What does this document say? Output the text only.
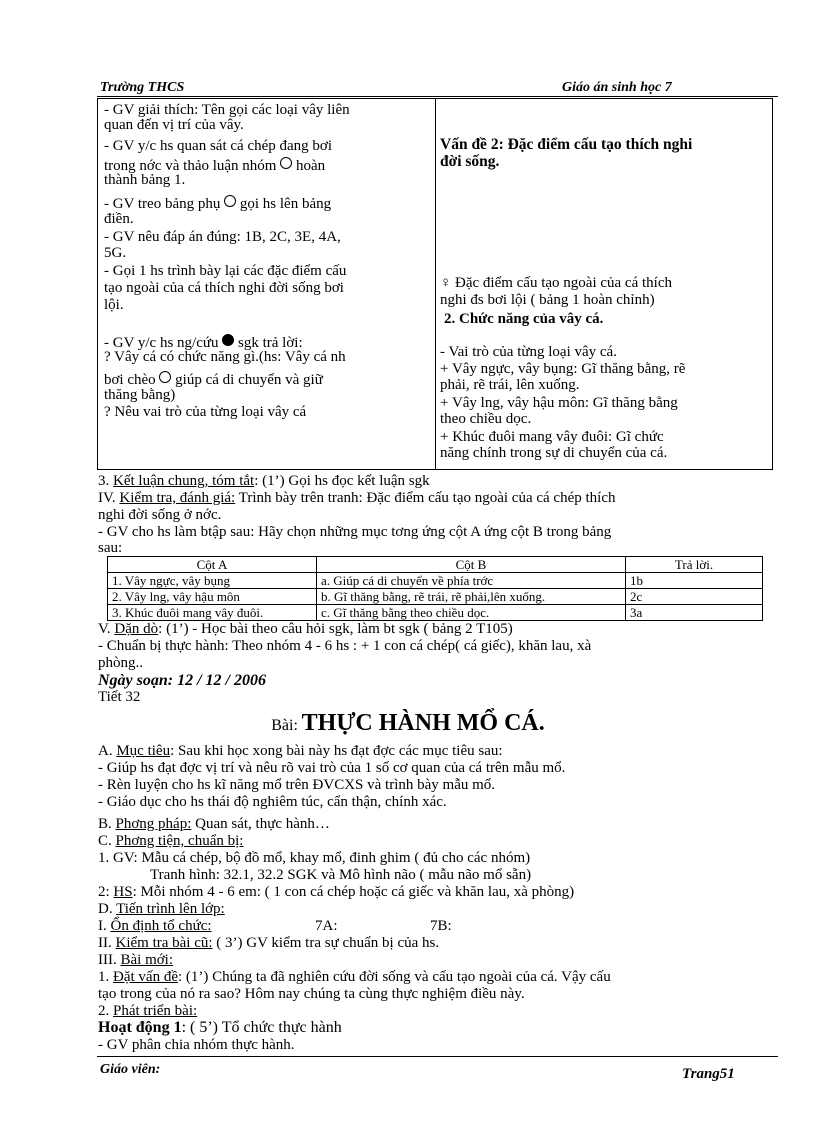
Trường THCS	Giáo án sinh học 7
- GV giải thích: Tên gọi các loại vây liên
quan đến vị trí của vây.
- GV y/c hs quan sát cá chép đang bơi
trong nớc và thảo luận nhóm hoàn
thành bảng 1.
- GV treo bảng phụ gọi hs lên bảng
điền.
- GV nêu đáp án đúng: 1B, 2C, 3E, 4A,
5G.
- Gọi 1 hs trình bày lại các đặc điểm cấu
tạo ngoài của cá thích nghi đời sống bơi
lội.
- GV y/c hs ng/cứu sgk trả lời:
? Vây cá có chức năng gì.(hs: Vây cá nh
bơi chèo giúp cá di chuyển và giữ
thăng bằng)
? Nêu vai trò của từng loại vây cá
Vấn đề 2: Đặc điểm cấu tạo thích nghi
đời sống.
♀ Đặc điểm cấu tạo ngoài của cá thích
nghi đs bơi lội ( bảng 1 hoàn chỉnh)
2. Chức năng của vây cá.
- Vai trò của từng loại vây cá.
+ Vây ngực, vây bụng: Gĩ thăng bằng, rẽ
phải, rẽ trái, lên xuống.
+ Vây lng, vây hậu môn: Gĩ thăng bằng
theo chiều dọc.
+ Khúc đuôi mang vây đuôi: Gĩ chức
năng chính trong sự di chuyển của cá.
3. Kết luận chung, tóm tắt: (1’) Gọi hs đọc kết luận sgk
IV. Kiểm tra, đánh giá: Trình bày trên tranh: Đặc điểm cấu tạo ngoài của cá chép thích
nghi đời sống ở nớc.
- GV cho hs làm btập sau: Hãy chọn những mục tơng ứng cột A ứng cột B trong bảng
sau:
Cột A	Cột B	Trả lời.
1. Vây ngực, vây bụng	a. Giúp cá di chuyển về phía trớc	1b
2. Vây lng, vây hậu môn	b. Gĩ thăng bằng, rẽ trái, rẽ phải,lên xuống.	2c
3. Khúc đuôi mang vây đuôi.	c. Gĩ thăng bằng theo chiều dọc.	3a
V. Dặn dò: (1’) - Học bài theo câu hỏi sgk, làm bt sgk ( bảng 2 T105)
- Chuẩn bị thực hành: Theo nhóm 4 - 6 hs : + 1 con cá chép( cá giếc), khăn lau, xà
phòng..
Ngày soạn: 12 / 12 / 2006
Tiết 32
Bài: THỰC HÀNH MỔ CÁ.
A. Mục tiêu: Sau khi học xong bài này hs đạt đợc các mục tiêu sau:
- Giúp hs đạt đợc vị trí và nêu rõ vai trò của 1 số cơ quan của cá trên mẫu mổ.
- Rèn luyện cho hs kĩ năng mổ trên ĐVCXS và trình bày mẫu mổ.
- Giáo dục cho hs thái độ nghiêm túc, cẩn thận, chính xác.
B. Phơng pháp: Quan sát, thực hành…
C. Phơng tiện, chuẩn bị:
1. GV: Mẫu cá chép, bộ đồ mổ, khay mổ, đinh ghim ( đủ cho các nhóm)
Tranh hình: 32.1, 32.2 SGK và Mô hình não ( mẫu não mổ sẵn)
2: HS: Mỗi nhóm 4 - 6 em: ( 1 con cá chép hoặc cá giếc và khăn lau, xà phòng)
D. Tiến trình lên lớp:
I. Ổn định tổ chức:	7A:	7B:
II. Kiểm tra bài cũ: ( 3’) GV kiểm tra sự chuẩn bị của hs.
III. Bài mới:
1. Đặt vấn đề: (1’) Chúng ta đã nghiên cứu đời sống và cấu tạo ngoài của cá. Vậy cấu
tạo trong của nó ra sao? Hôm nay chúng ta cùng thực nghiệm điều này.
2. Phát triển bài:
Hoạt động 1: ( 5’) Tổ chức thực hành
- GV phân chia nhóm thực hành.
Giáo viên:	Trang51
